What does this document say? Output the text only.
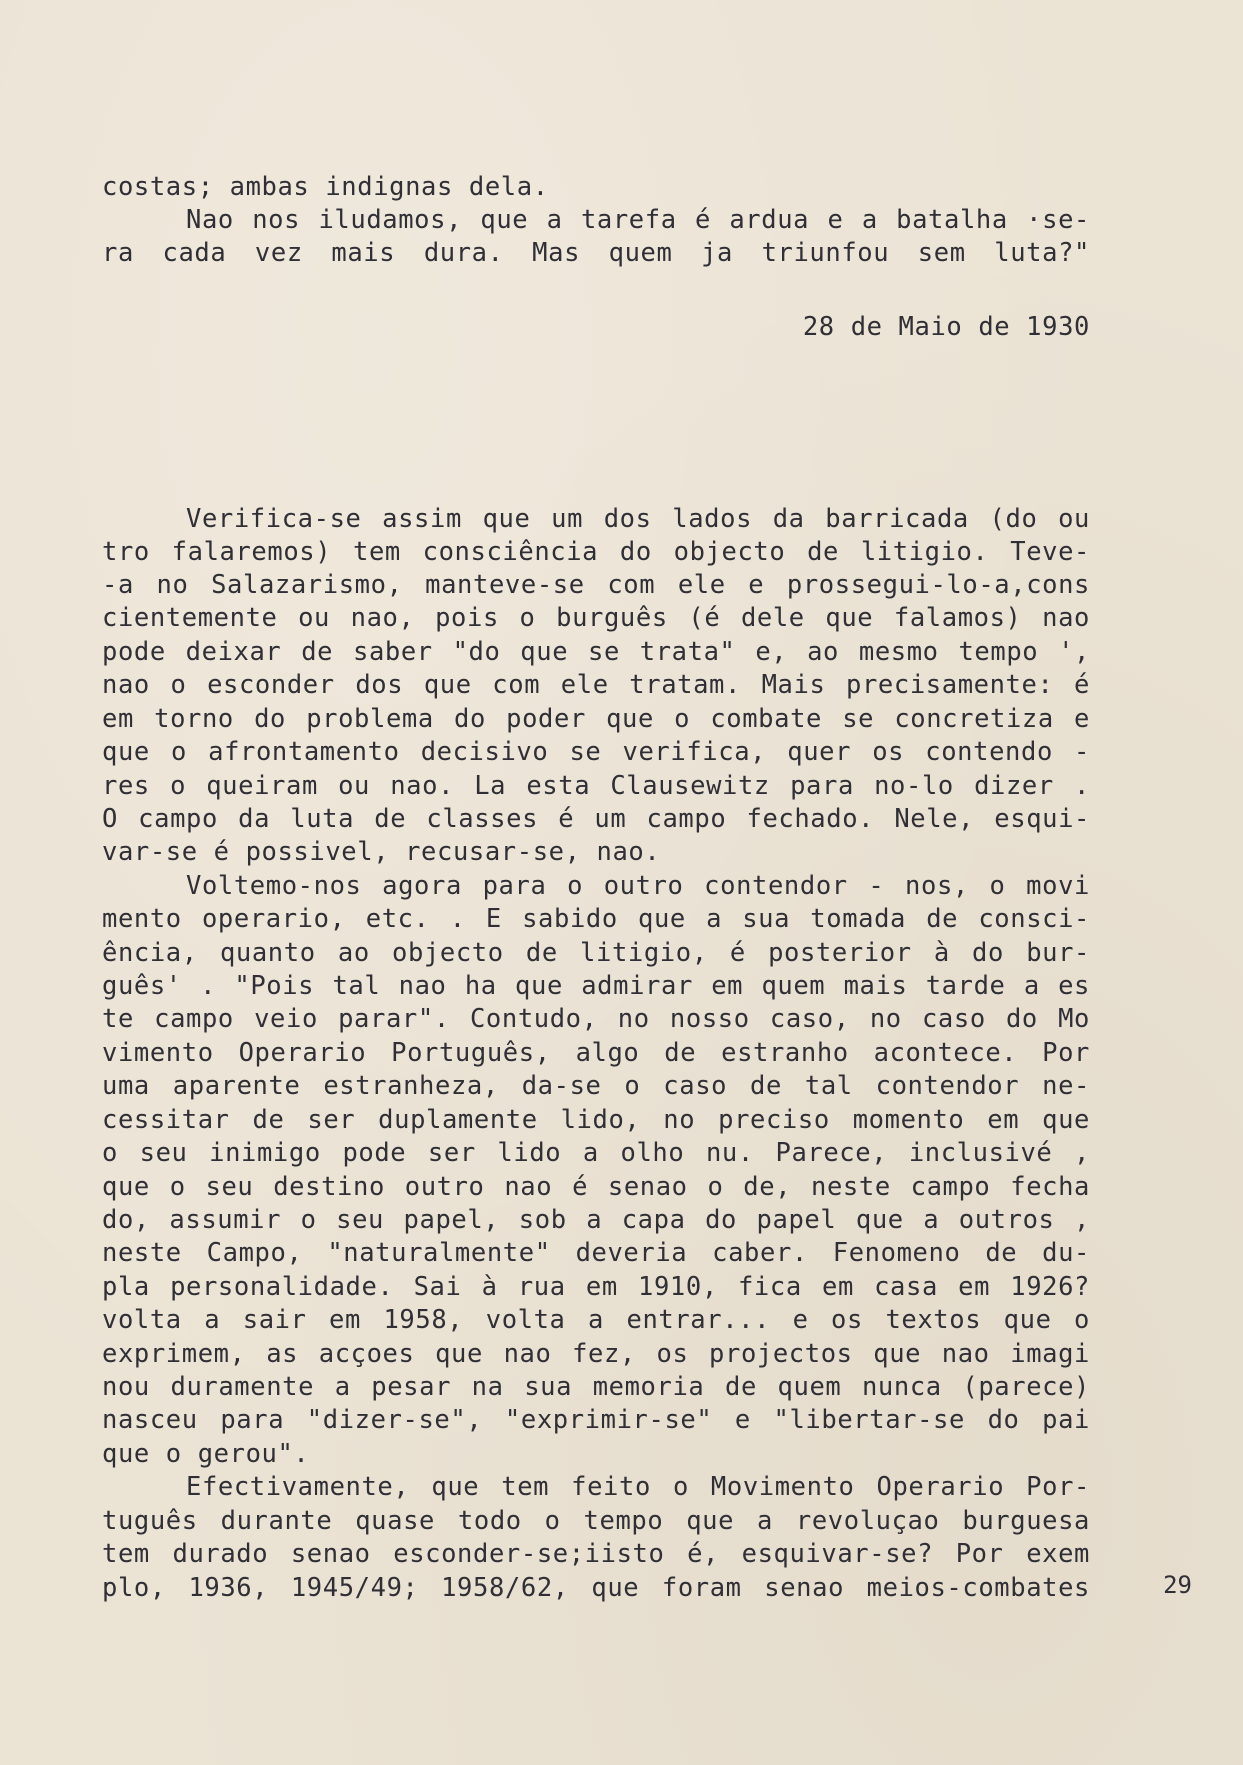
costas; ambas indignas dela.
Nao nos iludamos, que a tarefa é ardua e a batalha ·se-
ra cada vez mais dura. Mas quem ja triunfou sem luta?"
28 de Maio de 1930
Verifica-se assim que um dos lados da barricada (do ou
tro falaremos) tem consciência do objecto de litigio. Teve-
-a no Salazarismo, manteve-se com ele e prossegui-lo-a,cons
cientemente ou nao, pois o burguês (é dele que falamos) nao
pode deixar de saber "do que se trata" e, ao mesmo tempo ',
nao o esconder dos que com ele tratam. Mais precisamente: é
em torno do problema do poder que o combate se concretiza e
que o afrontamento decisivo se verifica, quer os contendo -
res o queiram ou nao. La esta Clausewitz para no-lo dizer .
O campo da luta de classes é um campo fechado. Nele, esqui-
var-se é possivel, recusar-se, nao.
Voltemo-nos agora para o outro contendor - nos, o movi
mento operario, etc. . E sabido que a sua tomada de consci-
ência, quanto ao objecto de litigio, é posterior à do bur-
guês' . "Pois tal nao ha que admirar em quem mais tarde a es
te campo veio parar". Contudo, no nosso caso, no caso do Mo
vimento Operario Português, algo de estranho acontece. Por
uma aparente estranheza, da-se o caso de tal contendor ne-
cessitar de ser duplamente lido, no preciso momento em que
o seu inimigo pode ser lido a olho nu. Parece, inclusivé ,
que o seu destino outro nao é senao o de, neste campo fecha
do, assumir o seu papel, sob a capa do papel que a outros ,
neste Campo, "naturalmente" deveria caber. Fenomeno de du-
pla personalidade. Sai à rua em 1910, fica em casa em 1926?
volta a sair em 1958, volta a entrar... e os textos que o
exprimem, as acçoes que nao fez, os projectos que nao imagi
nou duramente a pesar na sua memoria de quem nunca (parece)
nasceu para "dizer-se", "exprimir-se" e "libertar-se do pai
que o gerou".
Efectivamente, que tem feito o Movimento Operario Por-
tuguês durante quase todo o tempo que a revoluçao burguesa
tem durado senao esconder-se;iisto é, esquivar-se? Por exem
plo, 1936, 1945/49; 1958/62, que foram senao meios-combates	29
